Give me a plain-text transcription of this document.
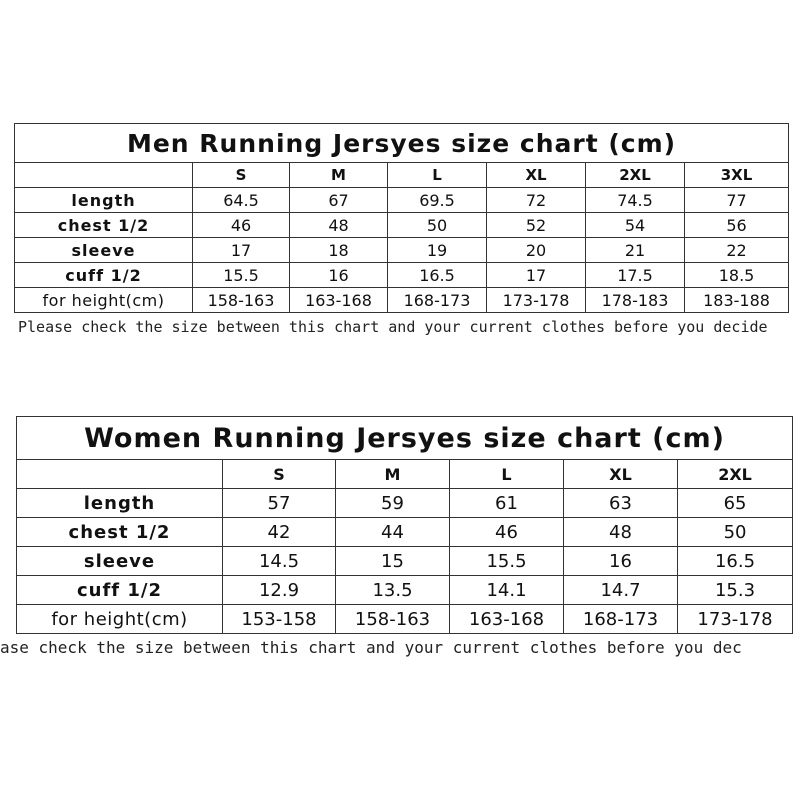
Men Running Jersyes size chart (cm)						
	S	M	L	XL	2XL	3XL
length	64.5	67	69.5	72	74.5	77
chest 1/2	46	48	50	52	54	56
sleeve	17	18	19	20	21	22
cuff 1/2	15.5	16	16.5	17	17.5	18.5
for height(cm)	158-163	163-168	168-173	173-178	178-183	183-188
Please check the size between this chart and your current clothes before you decide
Women Running Jersyes size chart (cm)					
	S	M	L	XL	2XL
length	57	59	61	63	65
chest 1/2	42	44	46	48	50
sleeve	14.5	15	15.5	16	16.5
cuff 1/2	12.9	13.5	14.1	14.7	15.3
for height(cm)	153-158	158-163	163-168	168-173	173-178
ase check the size between this chart and your current clothes before you dec
